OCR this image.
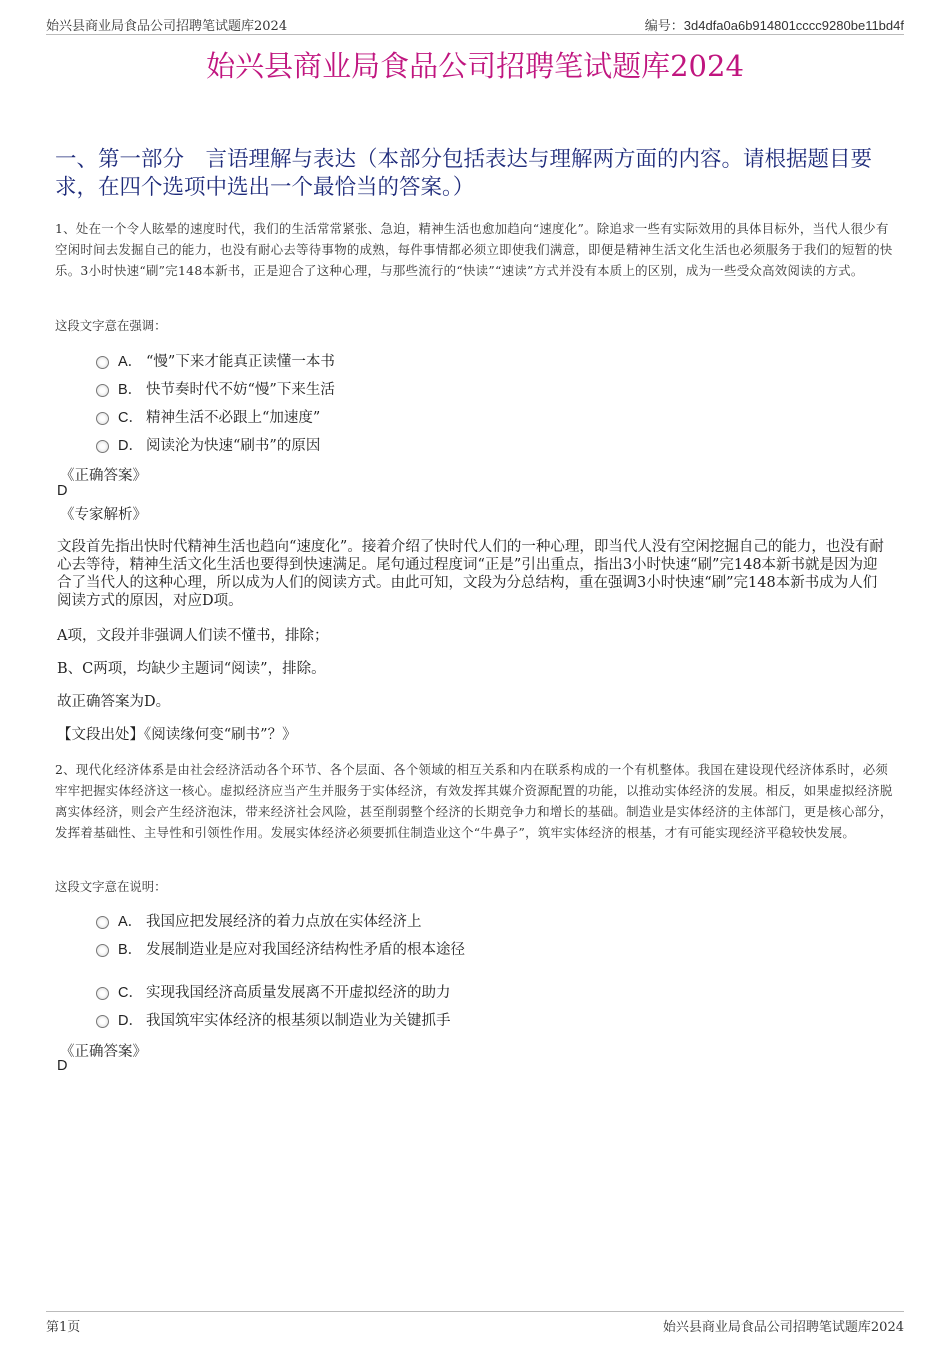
始兴县商业局食品公司招聘笔试题库2024	编号：3d4dfa0a6b914801cccc9280be11bd4f
始兴县商业局食品公司招聘笔试题库2024
一、第一部分　言语理解与表达（本部分包括表达与理解两方面的内容。请根据题目要求，在四个选项中选出一个最恰当的答案。）
1、处在一个令人眩晕的速度时代，我们的生活常常紧张、急迫，精神生活也愈加趋向“速度化”。除追求一些有实际效用的具体目标外，当代人很少有空闲时间去发掘自己的能力，也没有耐心去等待事物的成熟，每件事情都必须立即使我们满意，即便是精神生活文化生活也必须服务于我们的短暂的快乐。3小时快速“刷”完148本新书，正是迎合了这种心理，与那些流行的“快读”“速读”方式并没有本质上的区别，成为一些受众高效阅读的方式。
这段文字意在强调：
A． “慢”下来才能真正读懂一本书
B． 快节奏时代不妨“慢”下来生活
C． 精神生活不必跟上“加速度”
D． 阅读沦为快速“刷书”的原因
《正确答案》
D
《专家解析》
文段首先指出快时代精神生活也趋向“速度化”。接着介绍了快时代人们的一种心理，即当代人没有空闲挖掘自己的能力，也没有耐心去等待，精神生活文化生活也要得到快速满足。尾句通过程度词“正是”引出重点，指出3小时快速“刷”完148本新书就是因为迎合了当代人的这种心理，所以成为人们的阅读方式。由此可知，文段为分总结构，重在强调3小时快速“刷”完148本新书成为人们阅读方式的原因，对应D项。
A项，文段并非强调人们读不懂书，排除；
B、C两项，均缺少主题词“阅读”，排除。
故正确答案为D。
【文段出处】《阅读缘何变“刷书”？》
2、现代化经济体系是由社会经济活动各个环节、各个层面、各个领域的相互关系和内在联系构成的一个有机整体。我国在建设现代经济体系时，必须牢牢把握实体经济这一核心。虚拟经济应当产生并服务于实体经济，有效发挥其媒介资源配置的功能，以推动实体经济的发展。相反，如果虚拟经济脱离实体经济，则会产生经济泡沫，带来经济社会风险，甚至削弱整个经济的长期竞争力和增长的基础。制造业是实体经济的主体部门，更是核心部分，发挥着基础性、主导性和引领性作用。发展实体经济必须要抓住制造业这个“牛鼻子”，筑牢实体经济的根基，才有可能实现经济平稳较快发展。
这段文字意在说明：
A． 我国应把发展经济的着力点放在实体经济上
B． 发展制造业是应对我国经济结构性矛盾的根本途径
C． 实现我国经济高质量发展离不开虚拟经济的助力
D． 我国筑牢实体经济的根基须以制造业为关键抓手
《正确答案》
D
第1页	始兴县商业局食品公司招聘笔试题库2024
